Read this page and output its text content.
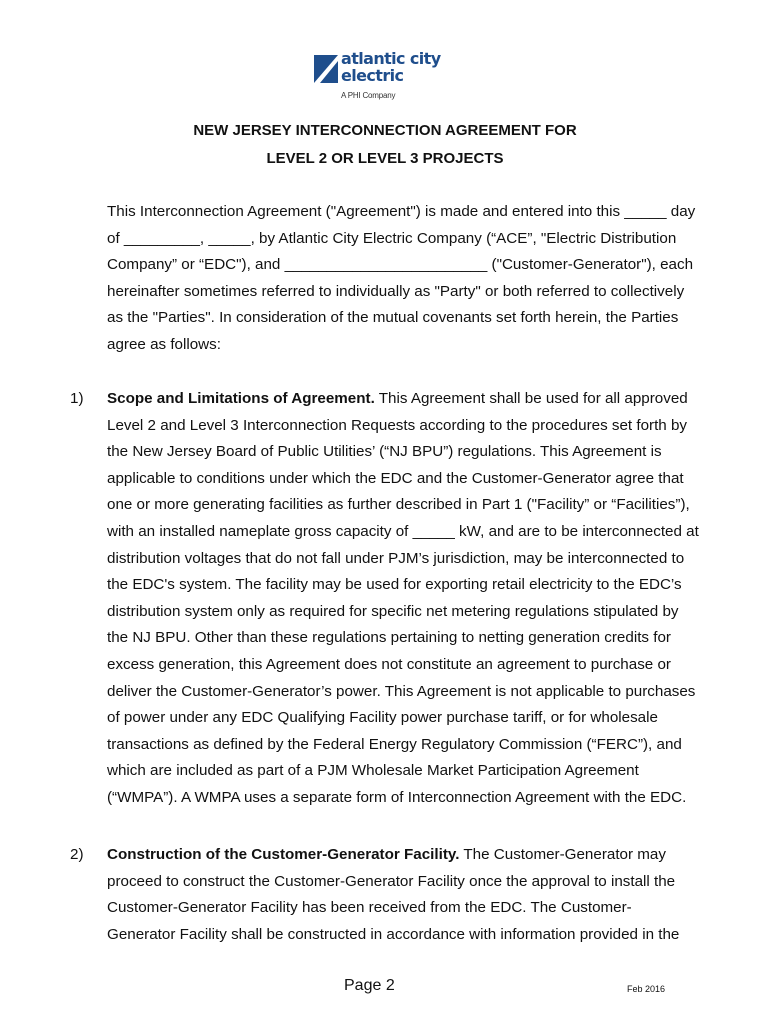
atlantic city
electric
A PHI Company
NEW JERSEY INTERCONNECTION AGREEMENT FOR
LEVEL 2 OR LEVEL 3 PROJECTS
This Interconnection Agreement ("Agreement") is made and entered into this _____ day
of _________, _____, by Atlantic City Electric Company (“ACE”, "Electric Distribution
Company” or “EDC"), and ________________________ ("Customer-Generator"), each
hereinafter sometimes referred to individually as "Party" or both referred to collectively
as the "Parties". In consideration of the mutual covenants set forth herein, the Parties
agree as follows:
1) Scope and Limitations of Agreement. This Agreement shall be used for all approved
Level 2 and Level 3 Interconnection Requests according to the procedures set forth by
the New Jersey Board of Public Utilities’ (“NJ BPU”) regulations. This Agreement is
applicable to conditions under which the EDC and the Customer-Generator agree that
one or more generating facilities as further described in Part 1 ("Facility” or “Facilities”),
with an installed nameplate gross capacity of _____ kW, and are to be interconnected at
distribution voltages that do not fall under PJM’s jurisdiction, may be interconnected to
the EDC's system. The facility may be used for exporting retail electricity to the EDC’s
distribution system only as required for specific net metering regulations stipulated by
the NJ BPU. Other than these regulations pertaining to netting generation credits for
excess generation, this Agreement does not constitute an agreement to purchase or
deliver the Customer-Generator’s power. This Agreement is not applicable to purchases
of power under any EDC Qualifying Facility power purchase tariff, or for wholesale
transactions as defined by the Federal Energy Regulatory Commission (“FERC”), and
which are included as part of a PJM Wholesale Market Participation Agreement
(“WMPA”). A WMPA uses a separate form of Interconnection Agreement with the EDC.
2) Construction of the Customer-Generator Facility. The Customer-Generator may
proceed to construct the Customer-Generator Facility once the approval to install the
Customer-Generator Facility has been received from the EDC. The Customer-
Generator Facility shall be constructed in accordance with information provided in the
Page 2	Feb 2016
